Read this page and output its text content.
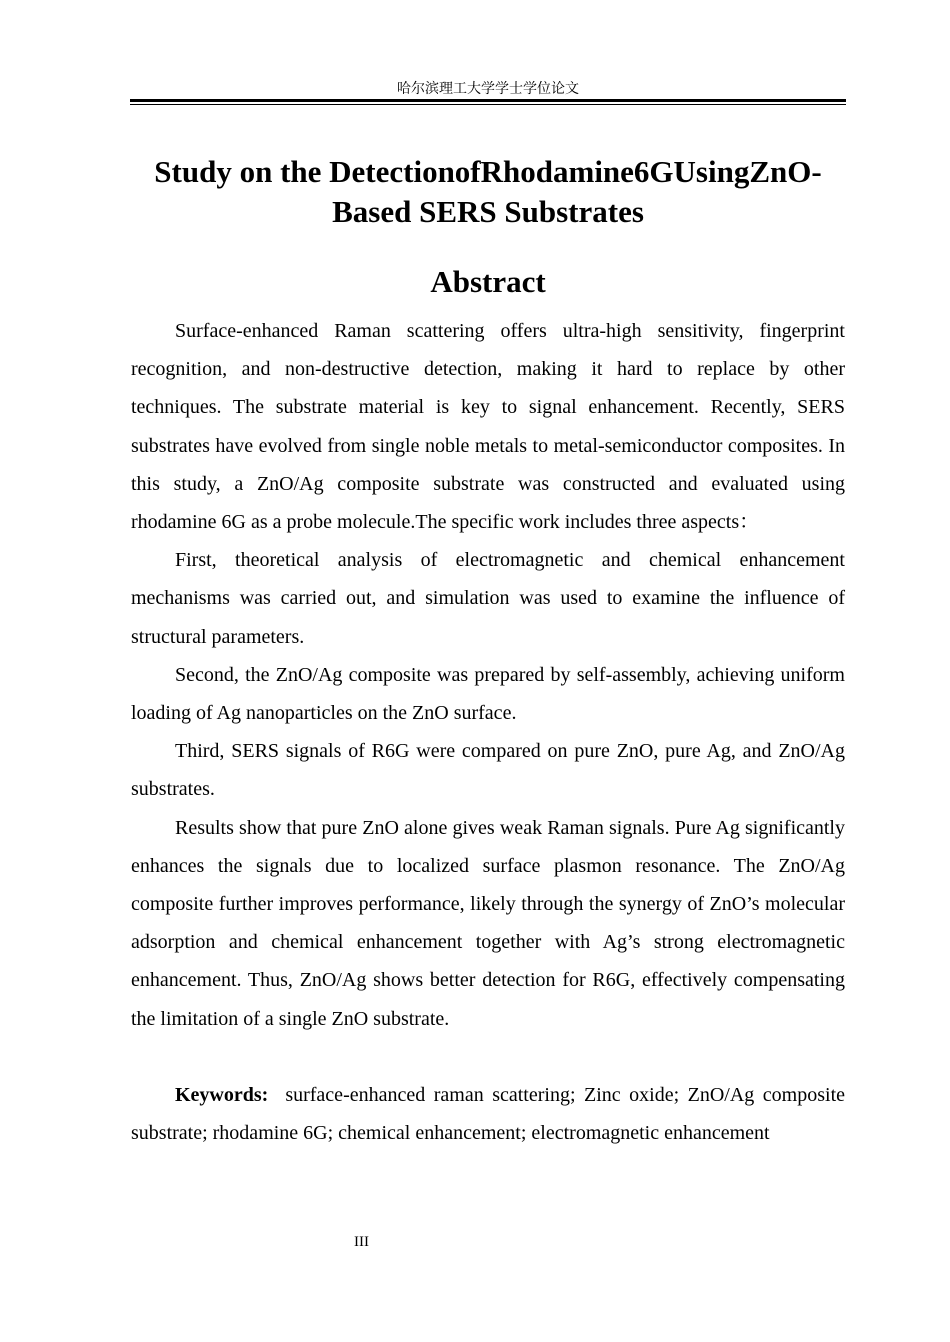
哈尔滨理工大学学士学位论文
Study on the DetectionofRhodamine6GUsingZnO-Based SERS Substrates
Abstract

Surface-enhanced Raman scattering offers ultra-high sensitivity, fingerprint recognition, and non-destructive detection, making it hard to replace by other techniques. The substrate material is key to signal enhancement. Recently, SERS substrates have evolved from single noble metals to metal-semiconductor composites. In this study, a ZnO/Ag composite substrate was constructed and evaluated using rhodamine 6G as a probe molecule.The specific work includes three aspects：

First, theoretical analysis of electromagnetic and chemical enhancement mechanisms was carried out, and simulation was used to examine the influence of structural parameters.

Second, the ZnO/Ag composite was prepared by self-assembly, achieving uniform loading of Ag nanoparticles on the ZnO surface.

Third, SERS signals of R6G were compared on pure ZnO, pure Ag, and ZnO/Ag substrates.

Results show that pure ZnO alone gives weak Raman signals. Pure Ag significantly enhances the signals due to localized surface plasmon resonance. The ZnO/Ag composite further improves performance, likely through the synergy of ZnO’s molecular adsorption and chemical enhancement together with Ag’s strong electromagnetic enhancement. Thus, ZnO/Ag shows better detection for R6G, effectively compensating the limitation of a single ZnO substrate.

Keywords: surface-enhanced raman scattering; Zinc oxide; ZnO/Ag composite substrate; rhodamine 6G; chemical enhancement; electromagnetic enhancement

III
